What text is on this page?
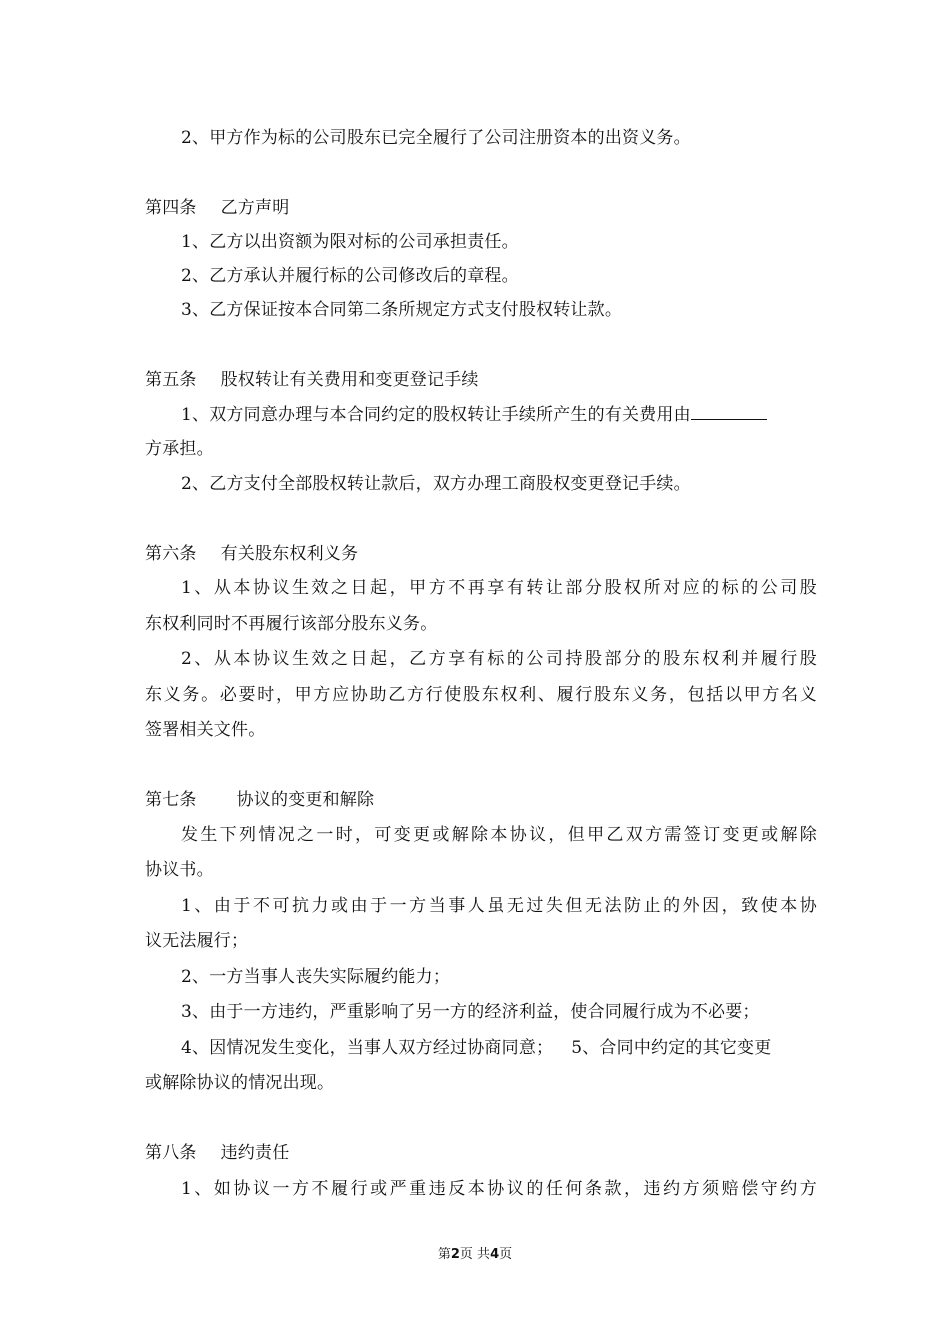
2、甲方作为标的公司股东已完全履行了公司注册资本的出资义务。
第四条 乙方声明
1、乙方以出资额为限对标的公司承担责任。
2、乙方承认并履行标的公司修改后的章程。
3、乙方保证按本合同第二条所规定方式支付股权转让款。
第五条 股权转让有关费用和变更登记手续
1、双方同意办理与本合同约定的股权转让手续所产生的有关费用由
方承担。
2、乙方支付全部股权转让款后，双方办理工商股权变更登记手续。
第六条 有关股东权利义务
1、从本协议生效之日起，甲方不再享有转让部分股权所对应的标的公司股
东权利同时不再履行该部分股东义务。
2、从本协议生效之日起，乙方享有标的公司持股部分的股东权利并履行股
东义务。必要时，甲方应协助乙方行使股东权利、履行股东义务，包括以甲方名义
签署相关文件。
第七条 协议的变更和解除
发生下列情况之一时，可变更或解除本协议，但甲乙双方需签订变更或解除
协议书。
1、由于不可抗力或由于一方当事人虽无过失但无法防止的外因，致使本协
议无法履行；
2、一方当事人丧失实际履约能力；
3、由于一方违约，严重影响了另一方的经济利益，使合同履行成为不必要；
4、因情况发生变化，当事人双方经过协商同意； 5、合同中约定的其它变更
或解除协议的情况出现。
第八条 违约责任
1、如协议一方不履行或严重违反本协议的任何条款，违约方须赔偿守约方
第2页 共4页
